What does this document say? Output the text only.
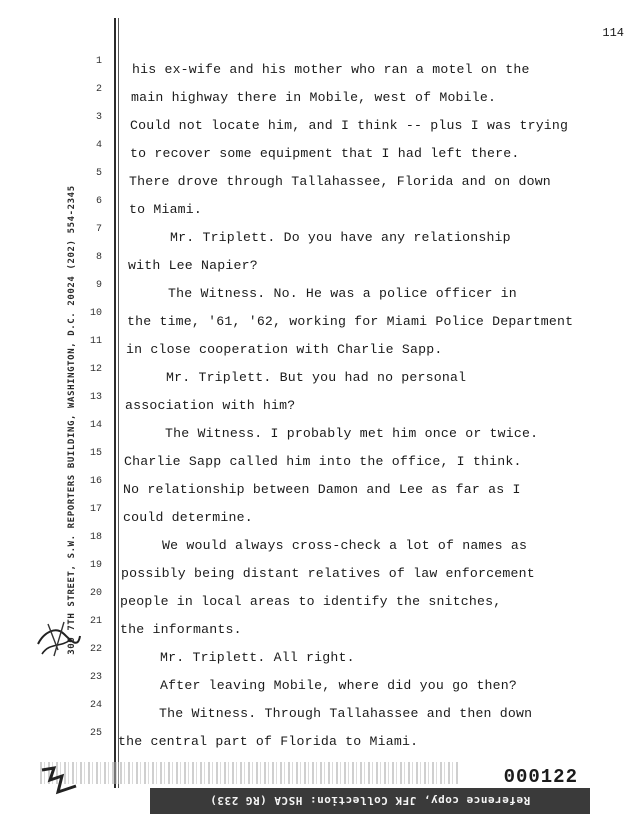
300 7TH STREET, S.W. REPORTERS BUILDING, WASHINGTON, D.C. 20024 (202) 554-2345
114
1
2
3
4
5
6
7
8
9
10
11
12
13
14
15
16
17
18
19
20
21
22
23
24
25
his ex-wife and his mother who ran a motel on the
main highway there in Mobile, west of Mobile.
Could not locate him, and I think -- plus I was trying
to recover some equipment that I had left there.
There drove through Tallahassee, Florida and on down
to Miami.
Mr. Triplett. Do you have any relationship
with Lee Napier?
The Witness. No. He was a police officer in
the time, '61, '62, working for Miami Police Department
in close cooperation with Charlie Sapp.
Mr. Triplett. But you had no personal
association with him?
The Witness. I probably met him once or twice.
Charlie Sapp called him into the office, I think.
No relationship between Damon and Lee as far as I
could determine.
We would always cross-check a lot of names as
possibly being distant relatives of law enforcement
people in local areas to identify the snitches,
the informants.
Mr. Triplett. All right.
After leaving Mobile, where did you go then?
The Witness. Through Tallahassee and then down
the central part of Florida to Miami.
000122
Reference copy, JFK Collection: HSCA (RG 233)
